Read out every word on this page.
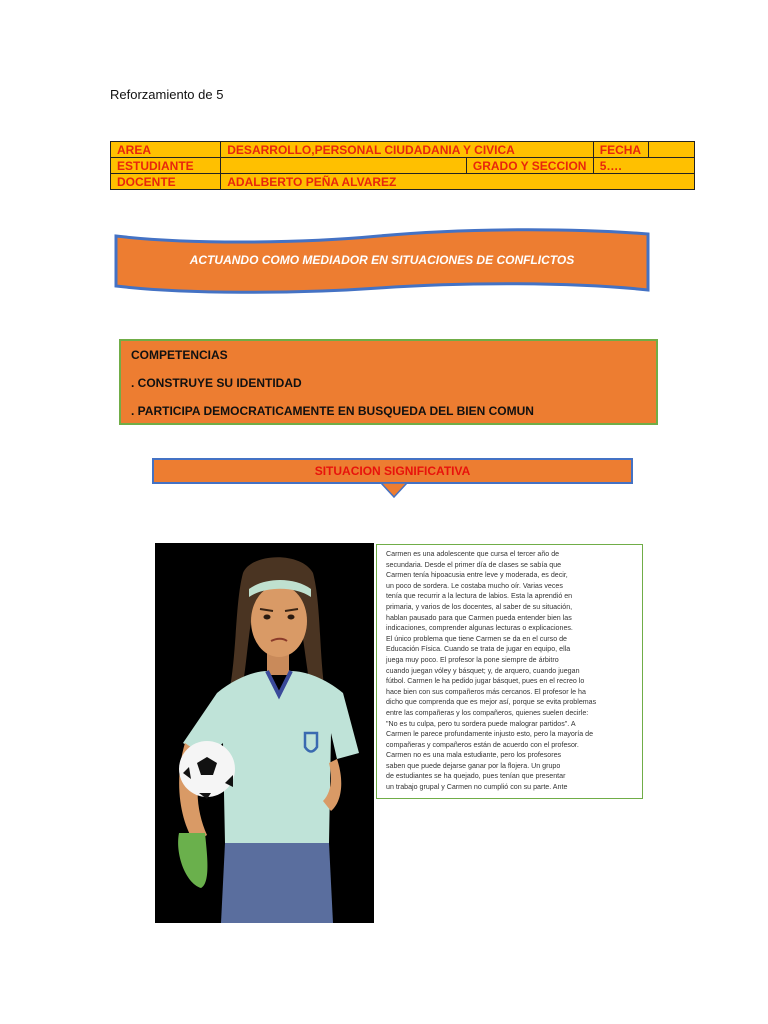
Reforzamiento de 5
AREA	DESARROLLO,PERSONAL CIUDADANIA Y CIVICA		FECHA	
ESTUDIANTE		GRADO Y SECCION	5….	
DOCENTE	ADALBERTO PEÑA ALVAREZ			
ACTUANDO COMO MEDIADOR EN SITUACIONES DE CONFLICTOS
COMPETENCIAS
. CONSTRUYE SU IDENTIDAD
. PARTICIPA DEMOCRATICAMENTE EN BUSQUEDA DEL BIEN COMUN
SITUACION SIGNIFICATIVA
Carmen es una adolescente que cursa el tercer año de
secundaria. Desde el primer día de clases se sabía que
Carmen tenía hipoacusia entre leve y moderada, es decir,
un poco de sordera. Le costaba mucho oír. Varias veces
tenía que recurrir a la lectura de labios. Esta la aprendió en
primaria, y varios de los docentes, al saber de su situación,
hablan pausado para que Carmen pueda entender bien las
indicaciones, comprender algunas lecturas o explicaciones.
El único problema que tiene Carmen se da en el curso de
Educación Física. Cuando se trata de jugar en equipo, ella
juega muy poco. El profesor la pone siempre de árbitro
cuando juegan vóley y básquet; y, de arquero, cuando juegan
fútbol. Carmen le ha pedido jugar básquet, pues en el recreo lo
hace bien con sus compañeros más cercanos. El profesor le ha
dicho que comprenda que es mejor así, porque se evita problemas
entre las compañeras y los compañeros, quienes suelen decirle:
"No es tu culpa, pero tu sordera puede malograr partidos". A
Carmen le parece profundamente injusto esto, pero la mayoría de
compañeras y compañeros están de acuerdo con el profesor.
Carmen no es una mala estudiante, pero los profesores
saben que puede dejarse ganar por la flojera. Un grupo
de estudiantes se ha quejado, pues tenían que presentar
un trabajo grupal y Carmen no cumplió con su parte. Ante
